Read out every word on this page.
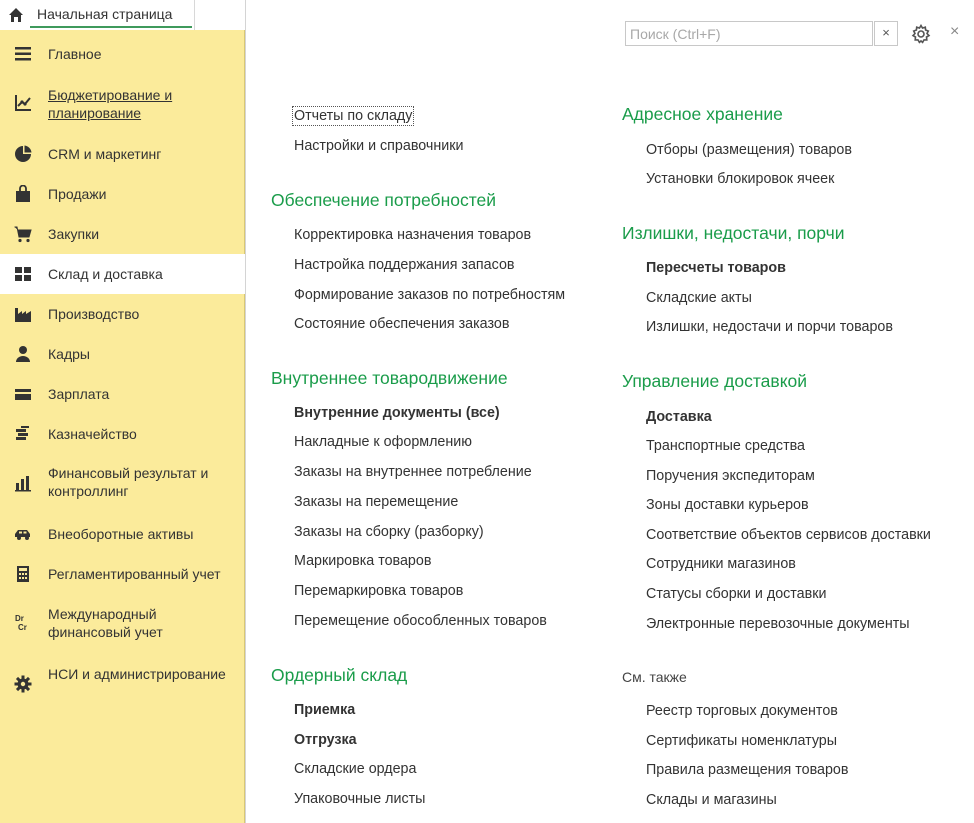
Начальная страница
Главное
Бюджетирование и планирование
CRM и маркетинг
Продажи
Закупки
Склад и доставка
Производство
Кадры
Зарплата
Казначейство
Финансовый результат и контроллинг
Внеоборотные активы
Регламентированный учет
Dr
Cr
Международный финансовый учет
НСИ и администрирование
Поиск (Ctrl+F)
×	×
Отчеты по складу
Настройки и справочники
Обеспечение потребностей
Корректировка назначения товаров
Настройка поддержания запасов
Формирование заказов по потребностям
Состояние обеспечения заказов
Внутреннее товародвижение
Внутренние документы (все)
Накладные к оформлению
Заказы на внутреннее потребление
Заказы на перемещение
Заказы на сборку (разборку)
Маркировка товаров
Перемаркировка товаров
Перемещение обособленных товаров
Ордерный склад
Приемка
Отгрузка
Складские ордера
Упаковочные листы
Адресное хранение
Отборы (размещения) товаров
Установки блокировок ячеек
Излишки, недостачи, порчи
Пересчеты товаров
Складские акты
Излишки, недостачи и порчи товаров
Управление доставкой
Доставка
Транспортные средства
Поручения экспедиторам
Зоны доставки курьеров
Соответствие объектов сервисов доставки
Сотрудники магазинов
Статусы сборки и доставки
Электронные перевозочные документы
См. также
Реестр торговых документов
Сертификаты номенклатуры
Правила размещения товаров
Склады и магазины
